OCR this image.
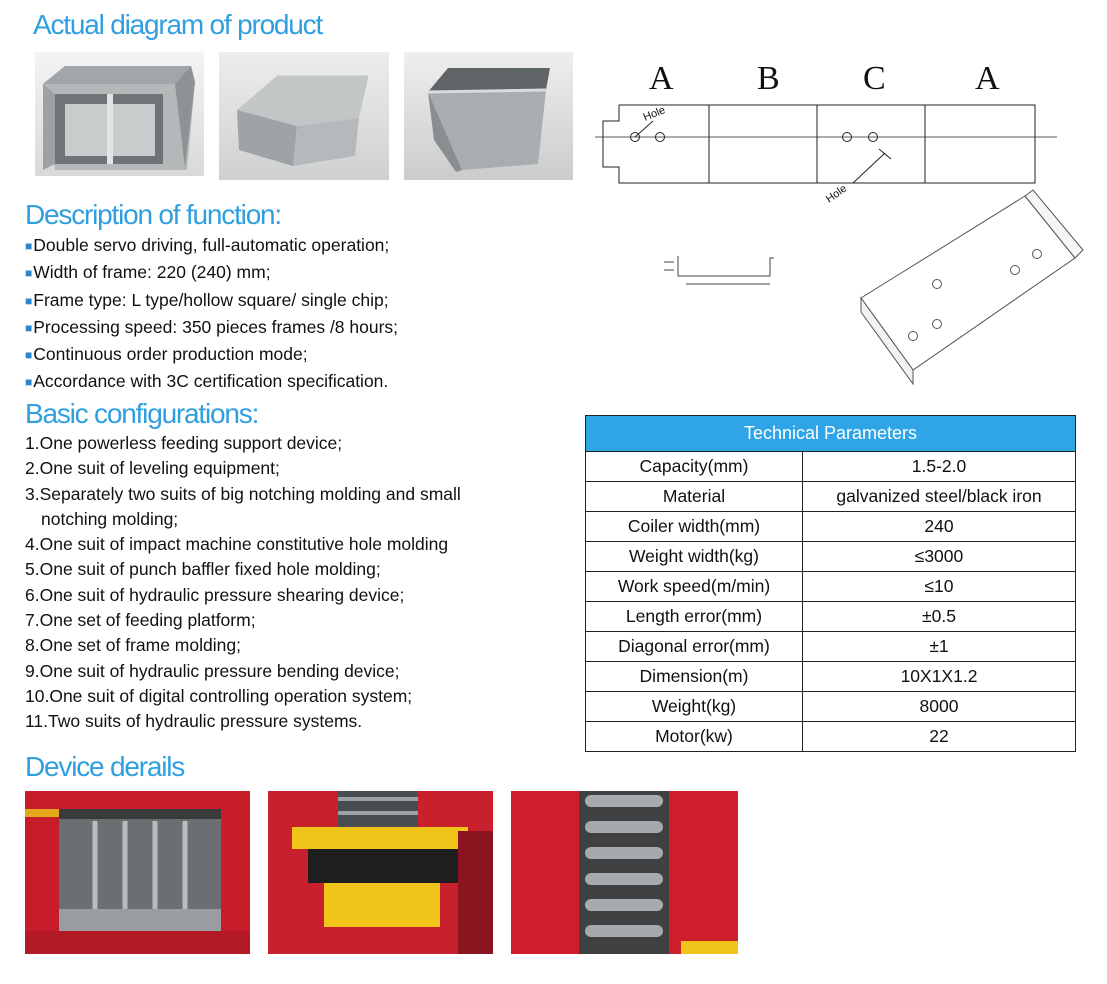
Actual diagram of product
Description of function:
Basic configurations:
Device derails
A B C	A
Hole
Hole
■Double servo driving, full-automatic operation;
■Width of frame: 220 (240) mm;
■Frame type: L type/hollow square/ single chip;
■Processing speed: 350 pieces frames /8 hours;
■Continuous order production mode;
■Accordance with 3C certification specification.
1.One powerless feeding support device;
2.One suit of leveling equipment;
3.Separately two suits of big notching molding and small
notching molding;
4.One suit of impact machine constitutive hole molding
5.One suit of punch baffler fixed hole molding;
6.One suit of hydraulic pressure shearing device;
7.One set of feeding platform;
8.One set of frame molding;
9.One suit of hydraulic pressure bending device;
10.One suit of digital controlling operation system;
11.Two suits of hydraulic pressure systems.
Technical Parameters	
Capacity(mm)	1.5-2.0
Material	galvanized steel/black iron
Coiler width(mm)	240
Weight width(kg)	≤3000
Work speed(m/min)	≤10
Length error(mm)	±0.5
Diagonal error(mm)	±1
Dimension(m)	10X1X1.2
Weight(kg)	8000
Motor(kw)	22
